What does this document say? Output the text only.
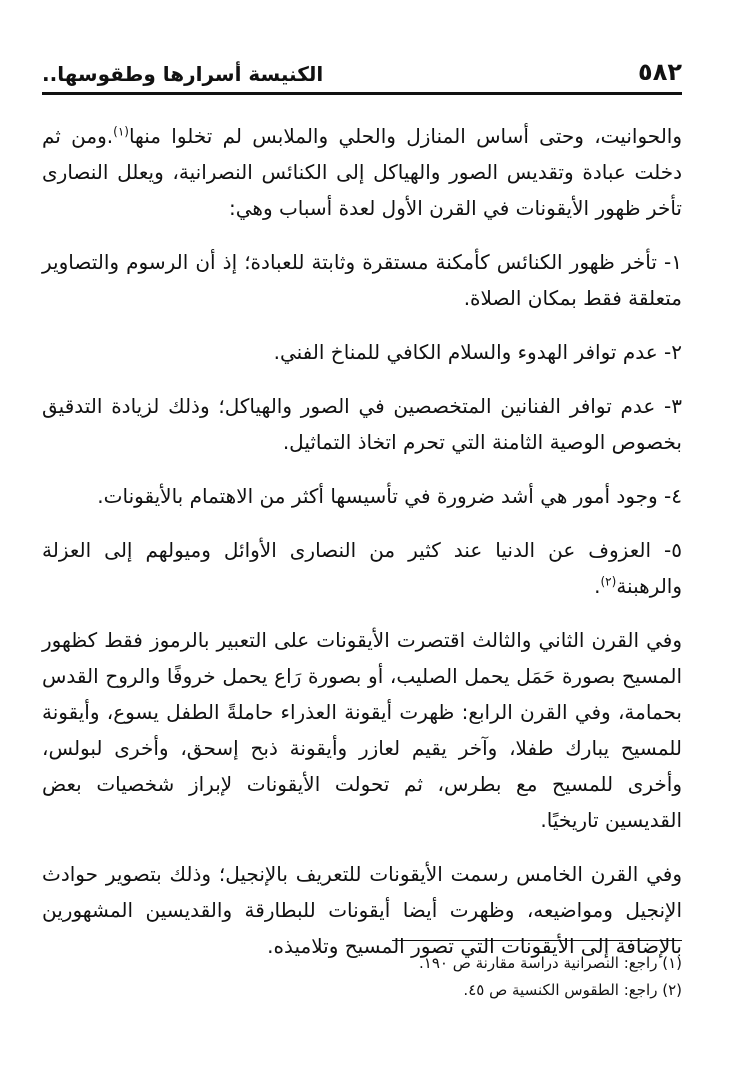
٥٨٢
الكنيسة أسرارها وطقوسها..

والحوانيت، وحتى أساس المنازل والحلي والملابس لم تخلوا منها$^{(١)}$.ومن ثم دخلت عبادة وتقديس الصور والهياكل إلى الكنائس النصرانية، ويعلل النصارى تأخر ظهور الأيقونات في القرن الأول لعدة أسباب وهي:

١- تأخر ظهور الكنائس كأمكنة مستقرة وثابتة للعبادة؛ إذ أن الرسوم والتصاوير متعلقة فقط بمكان الصلاة.
٢- عدم توافر الهدوء والسلام الكافي للمناخ الفني.
٣- عدم توافر الفنانين المتخصصين في الصور والهياكل؛ وذلك لزيادة التدقيق بخصوص الوصية الثامنة التي تحرم اتخاذ التماثيل.
٤- وجود أمور هي أشد ضرورة في تأسيسها أكثر من الاهتمام بالأيقونات.
٥- العزوف عن الدنيا عند كثير من النصارى الأوائل وميولهم إلى العزلة والرهبنة$^{(٢)}$.

وفي القرن الثاني والثالث اقتصرت الأيقونات على التعبير بالرموز فقط كظهور المسيح بصورة حَمَل يحمل الصليب، أو بصورة رَاع يحمل خروفًا والروح القدس بحمامة، وفي القرن الرابع: ظهرت أيقونة العذراء حاملةً الطفل يسوع، وأيقونة للمسيح يبارك طفلا، وآخر يقيم لعازر وأيقونة ذبح إسحق، وأخرى لبولس، وأخرى للمسيح مع بطرس، ثم تحولت الأيقونات لإبراز شخصيات بعض القديسين تاريخيًا.

وفي القرن الخامس رسمت الأيقونات للتعريف بالإنجيل؛ وذلك بتصوير حوادث الإنجيل ومواضيعه، وظهرت أيضا أيقونات للبطارقة والقديسين المشهورين بالإضافة إلى الأيقونات التي تصور المسيح وتلاميذه.

(١) راجع: النصرانية دراسة مقارنة ص ١٩٠.
(٢) راجع: الطقوس الكنسية ص ٤٥.
